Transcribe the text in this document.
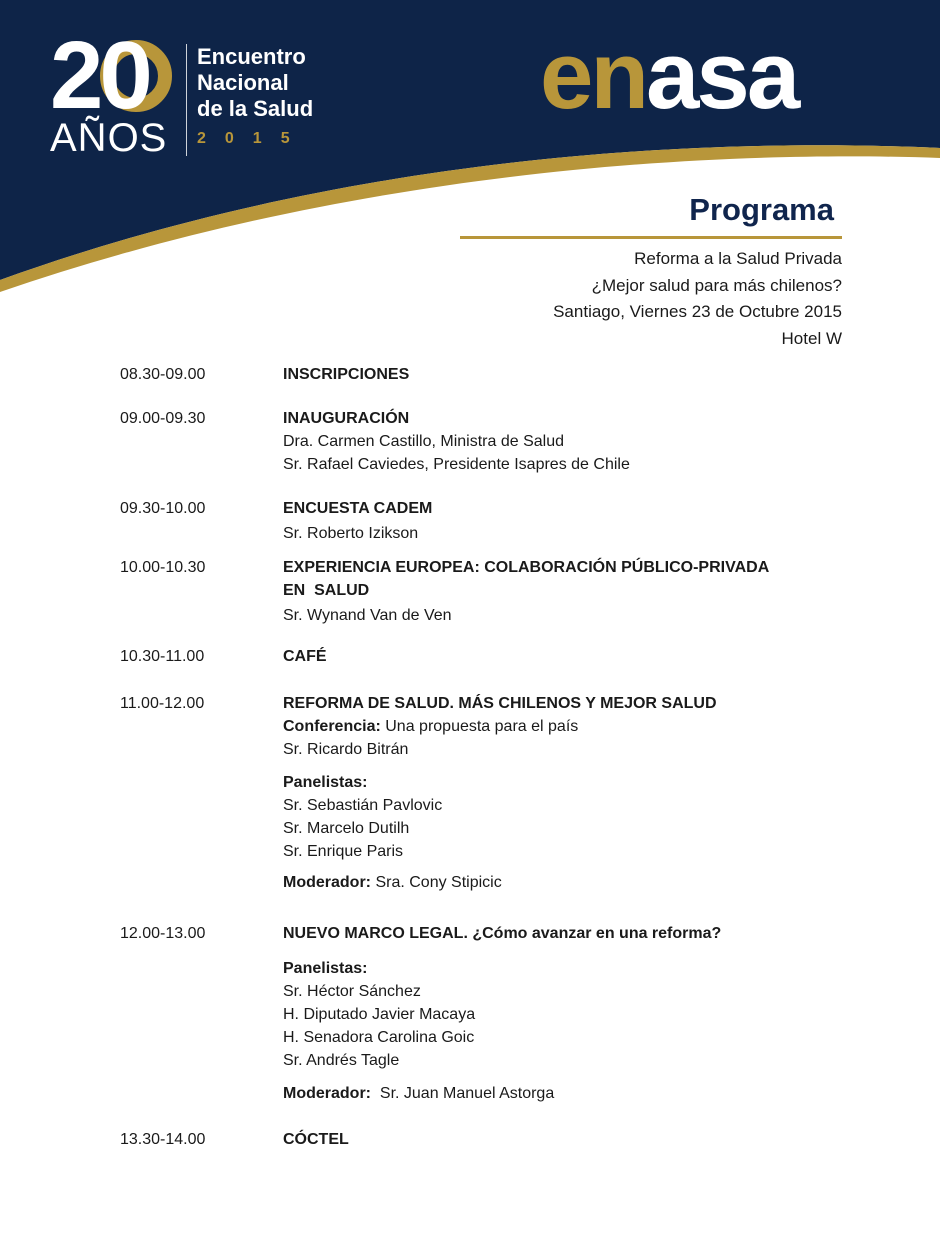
20
AÑOS
Encuentro
Nacional
de la Salud
2015
enasa
Programa
Reforma a la Salud Privada
¿Mejor salud para más chilenos?
Santiago, Viernes 23 de Octubre 2015
Hotel W
08.30-09.00	INSCRIPCIONES
09.00-09.30	INAUGURACIÓN
Dra. Carmen Castillo, Ministra de Salud
Sr. Rafael Caviedes, Presidente Isapres de Chile
09.30-10.00	ENCUESTA CADEM
Sr. Roberto Izikson
10.00-10.30	EXPERIENCIA EUROPEA: COLABORACIÓN PÚBLICO-PRIVADA
EN  SALUD
Sr. Wynand Van de Ven
10.30-11.00	CAFÉ
11.00-12.00	REFORMA DE SALUD. MÁS CHILENOS Y MEJOR SALUD
Conferencia: Una propuesta para el país
Sr. Ricardo Bitrán
Panelistas:
Sr. Sebastián Pavlovic
Sr. Marcelo Dutilh
Sr. Enrique Paris
Moderador: Sra. Cony Stipicic
12.00-13.00	NUEVO MARCO LEGAL. ¿Cómo avanzar en una reforma?
Panelistas:
Sr. Héctor Sánchez
H. Diputado Javier Macaya
H. Senadora Carolina Goic
Sr. Andrés Tagle
Moderador:  Sr. Juan Manuel Astorga
13.30-14.00	CÓCTEL
